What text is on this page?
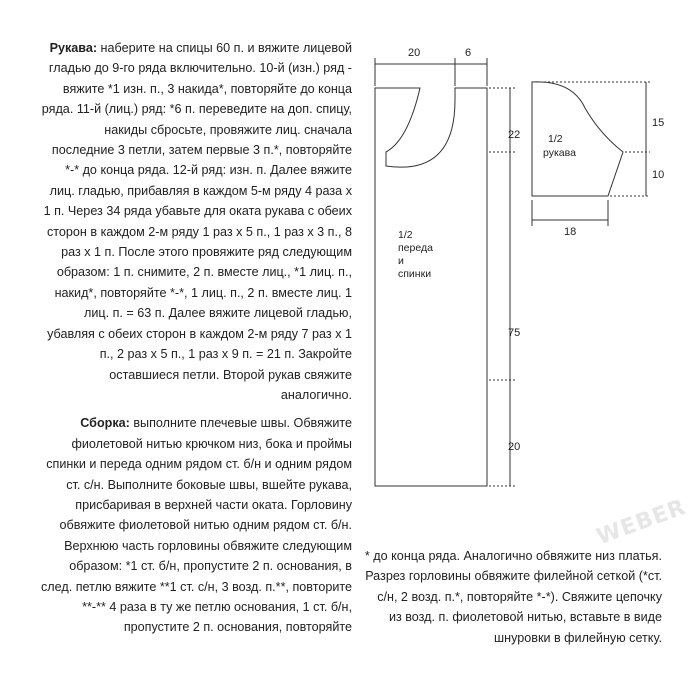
Рукава: наберите на спицы 60 п. и вяжите лицевой гладью до 9-го ряда включительно. 10-й (изн.) ряд - вяжите *1 изн. п., 3 накида*, повторяйте до конца ряда. 11-й (лиц.) ряд: *6 п. переведите на доп. спицу, накиды сбросьте, провяжите лиц. сначала последние 3 петли, затем первые 3 п.*, повторяйте *-* до конца ряда. 12-й ряд: изн. п. Далее вяжите лиц. гладью, прибавляя в каждом 5-м ряду 4 раза х 1 п. Через 34 ряда убавьте для оката рукава с обеих сторон в каждом 2-м ряду 1 раз х 5 п., 1 раз х 3 п., 8 раз х 1 п. После этого провяжите ряд следующим образом: 1 п. снимите, 2 п. вместе лиц., *1 лиц. п., накид*, повторяйте *-*, 1 лиц. п., 2 п. вместе лиц. 1 лиц. п. = 63 п. Далее вяжите лицевой гладью, убавляя с обеих сторон в каждом 2-м ряду 7 раз х 1 п., 2 раз х 5 п., 1 раз х 9 п. = 21 п. Закройте оставшиеся петли. Второй рукав свяжите аналогично.

Сборка: выполните плечевые швы. Обвяжите фиолетовой нитью крючком низ, бока и проймы спинки и переда одним рядом ст. б/н и одним рядом ст. с/н. Выполните боковые швы, вшейте рукава, присбаривая в верхней части оката. Горловину обвяжите фиолетовой нитью одним рядом ст. б/н. Верхнюю часть горловины обвяжите следующим образом: *1 ст. б/н, пропустите 2 п. основания, в след. петлю вяжите **1 ст. с/н, 3 возд. п.**, повторите **-** 4 раза в ту же петлю основания, 1 ст. б/н, пропустите 2 п. основания, повторяйте

* до конца ряда. Аналогично обвяжите низ платья. Разрез горловины обвяжите филейной сеткой (*ст. с/н, 2 возд. п.*, повторяйте *-*). Свяжите цепочку из возд. п. фиолетовой нитью, вставьте в виде шнуровки в филейную сетку.
WEBER
20	6
22
75
20
1/2
переда
и
спинки
15
10
18
1/2
рукава
